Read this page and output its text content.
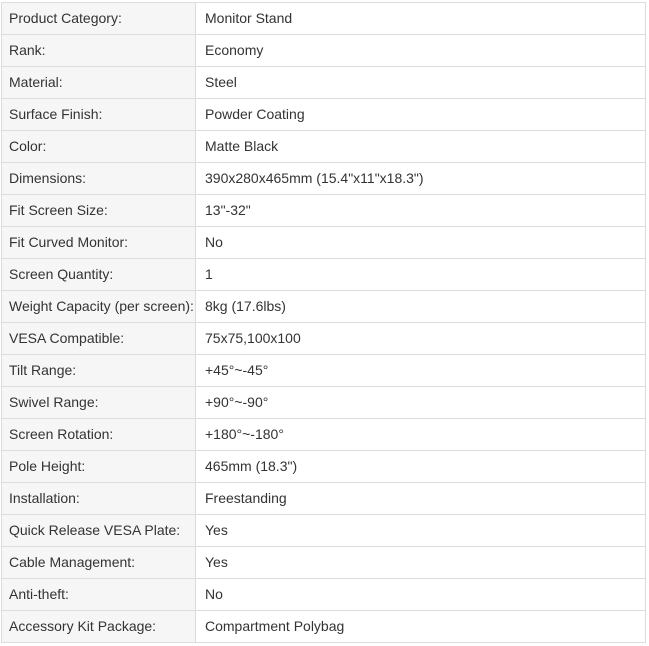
Product Category:	Monitor Stand
Rank:	Economy
Material:	Steel
Surface Finish:	Powder Coating
Color:	Matte Black
Dimensions:	390x280x465mm (15.4"x11"x18.3")
Fit Screen Size:	13"-32"
Fit Curved Monitor:	No
Screen Quantity:	1
Weight Capacity (per screen):	8kg (17.6lbs)
VESA Compatible:	75x75,100x100
Tilt Range:	+45°~-45°
Swivel Range:	+90°~-90°
Screen Rotation:	+180°~-180°
Pole Height:	465mm (18.3")
Installation:	Freestanding
Quick Release VESA Plate:	Yes
Cable Management:	Yes
Anti-theft:	No
Accessory Kit Package:	Compartment Polybag
